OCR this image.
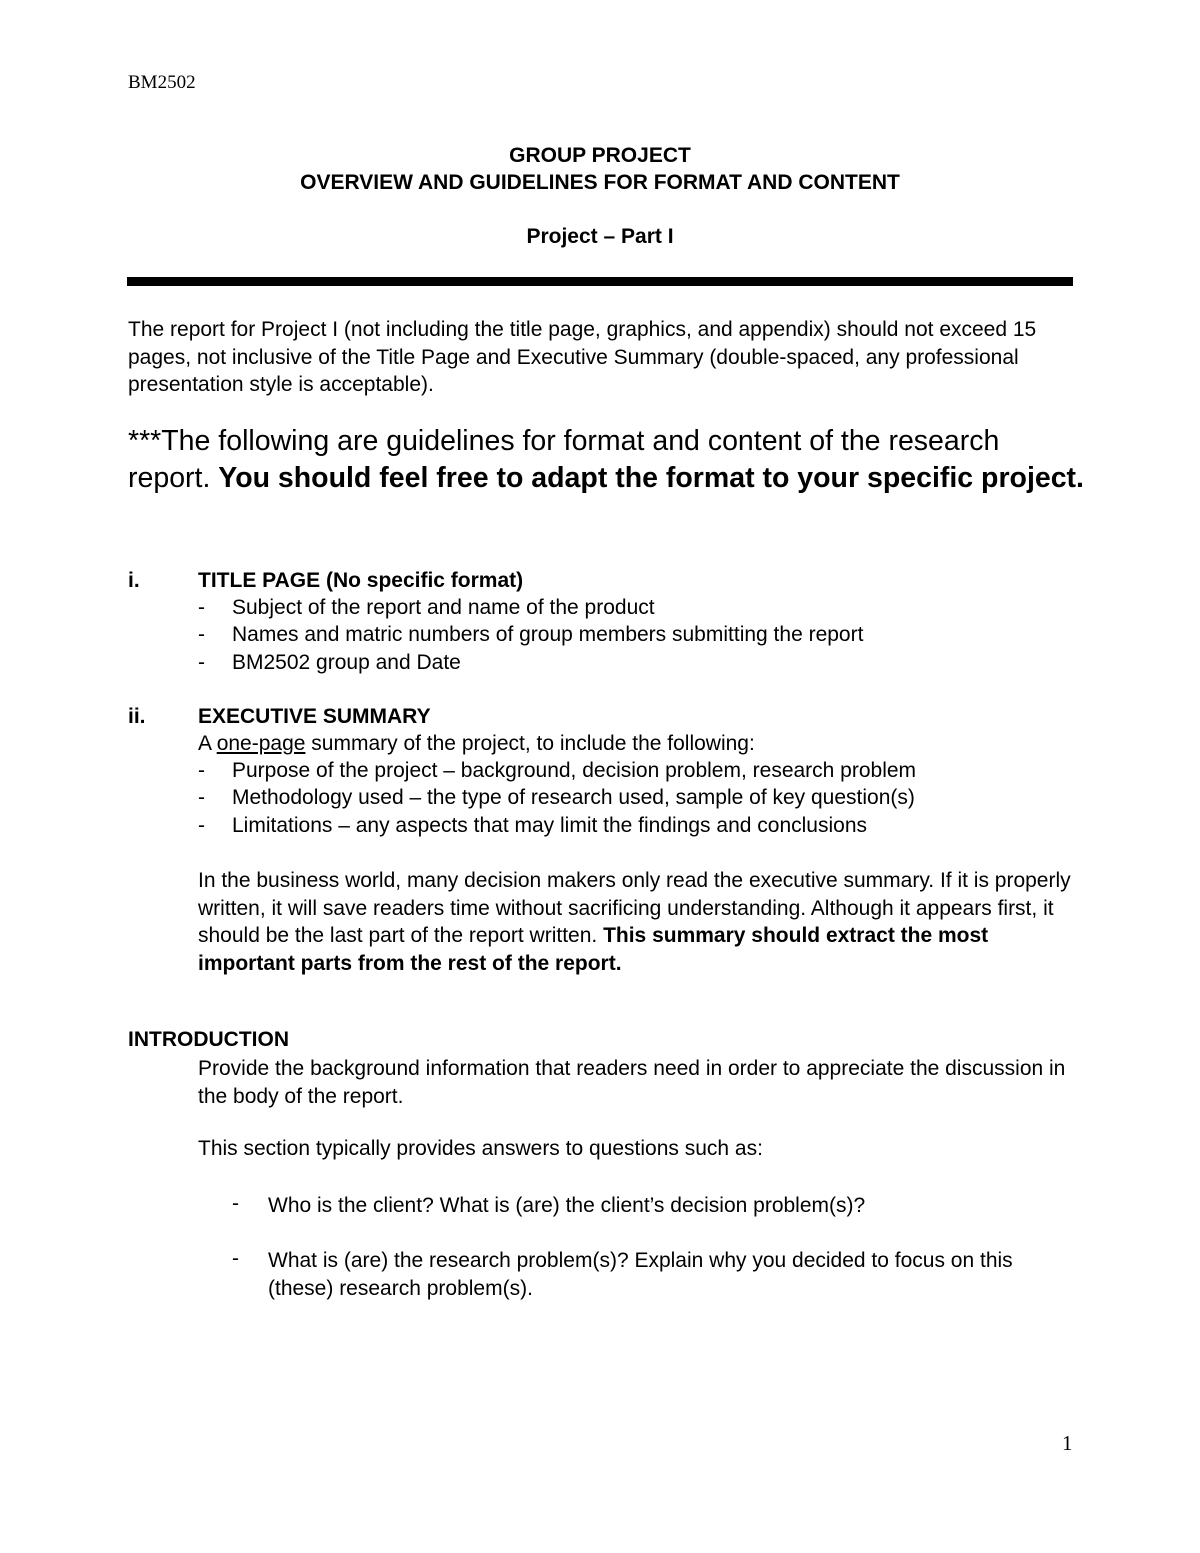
BM2502
GROUP PROJECT
OVERVIEW AND GUIDELINES FOR FORMAT AND CONTENT
Project – Part I
The report for Project I (not including the title page, graphics, and appendix) should not exceed 15 pages, not inclusive of the Title Page and Executive Summary (double-spaced, any professional presentation style is acceptable).
***The following are guidelines for format and content of the research report. You should feel free to adapt the format to your specific project.
i.	TITLE PAGE (No specific format)
- Subject of the report and name of the product
- Names and matric numbers of group members submitting the report
- BM2502 group and Date
ii. EXECUTIVE SUMMARY
A one-page summary of the project, to include the following:
- Purpose of the project – background, decision problem, research problem
- Methodology used – the type of research used, sample of key question(s)
- Limitations – any aspects that may limit the findings and conclusions
In the business world, many decision makers only read the executive summary. If it is properly written, it will save readers time without sacrificing understanding. Although it appears first, it should be the last part of the report written. This summary should extract the most important parts from the rest of the report.
INTRODUCTION
Provide the background information that readers need in order to appreciate the discussion in the body of the report.
This section typically provides answers to questions such as:
- Who is the client? What is (are) the client’s decision problem(s)?
- What is (are) the research problem(s)? Explain why you decided to focus on this (these) research problem(s).
1
